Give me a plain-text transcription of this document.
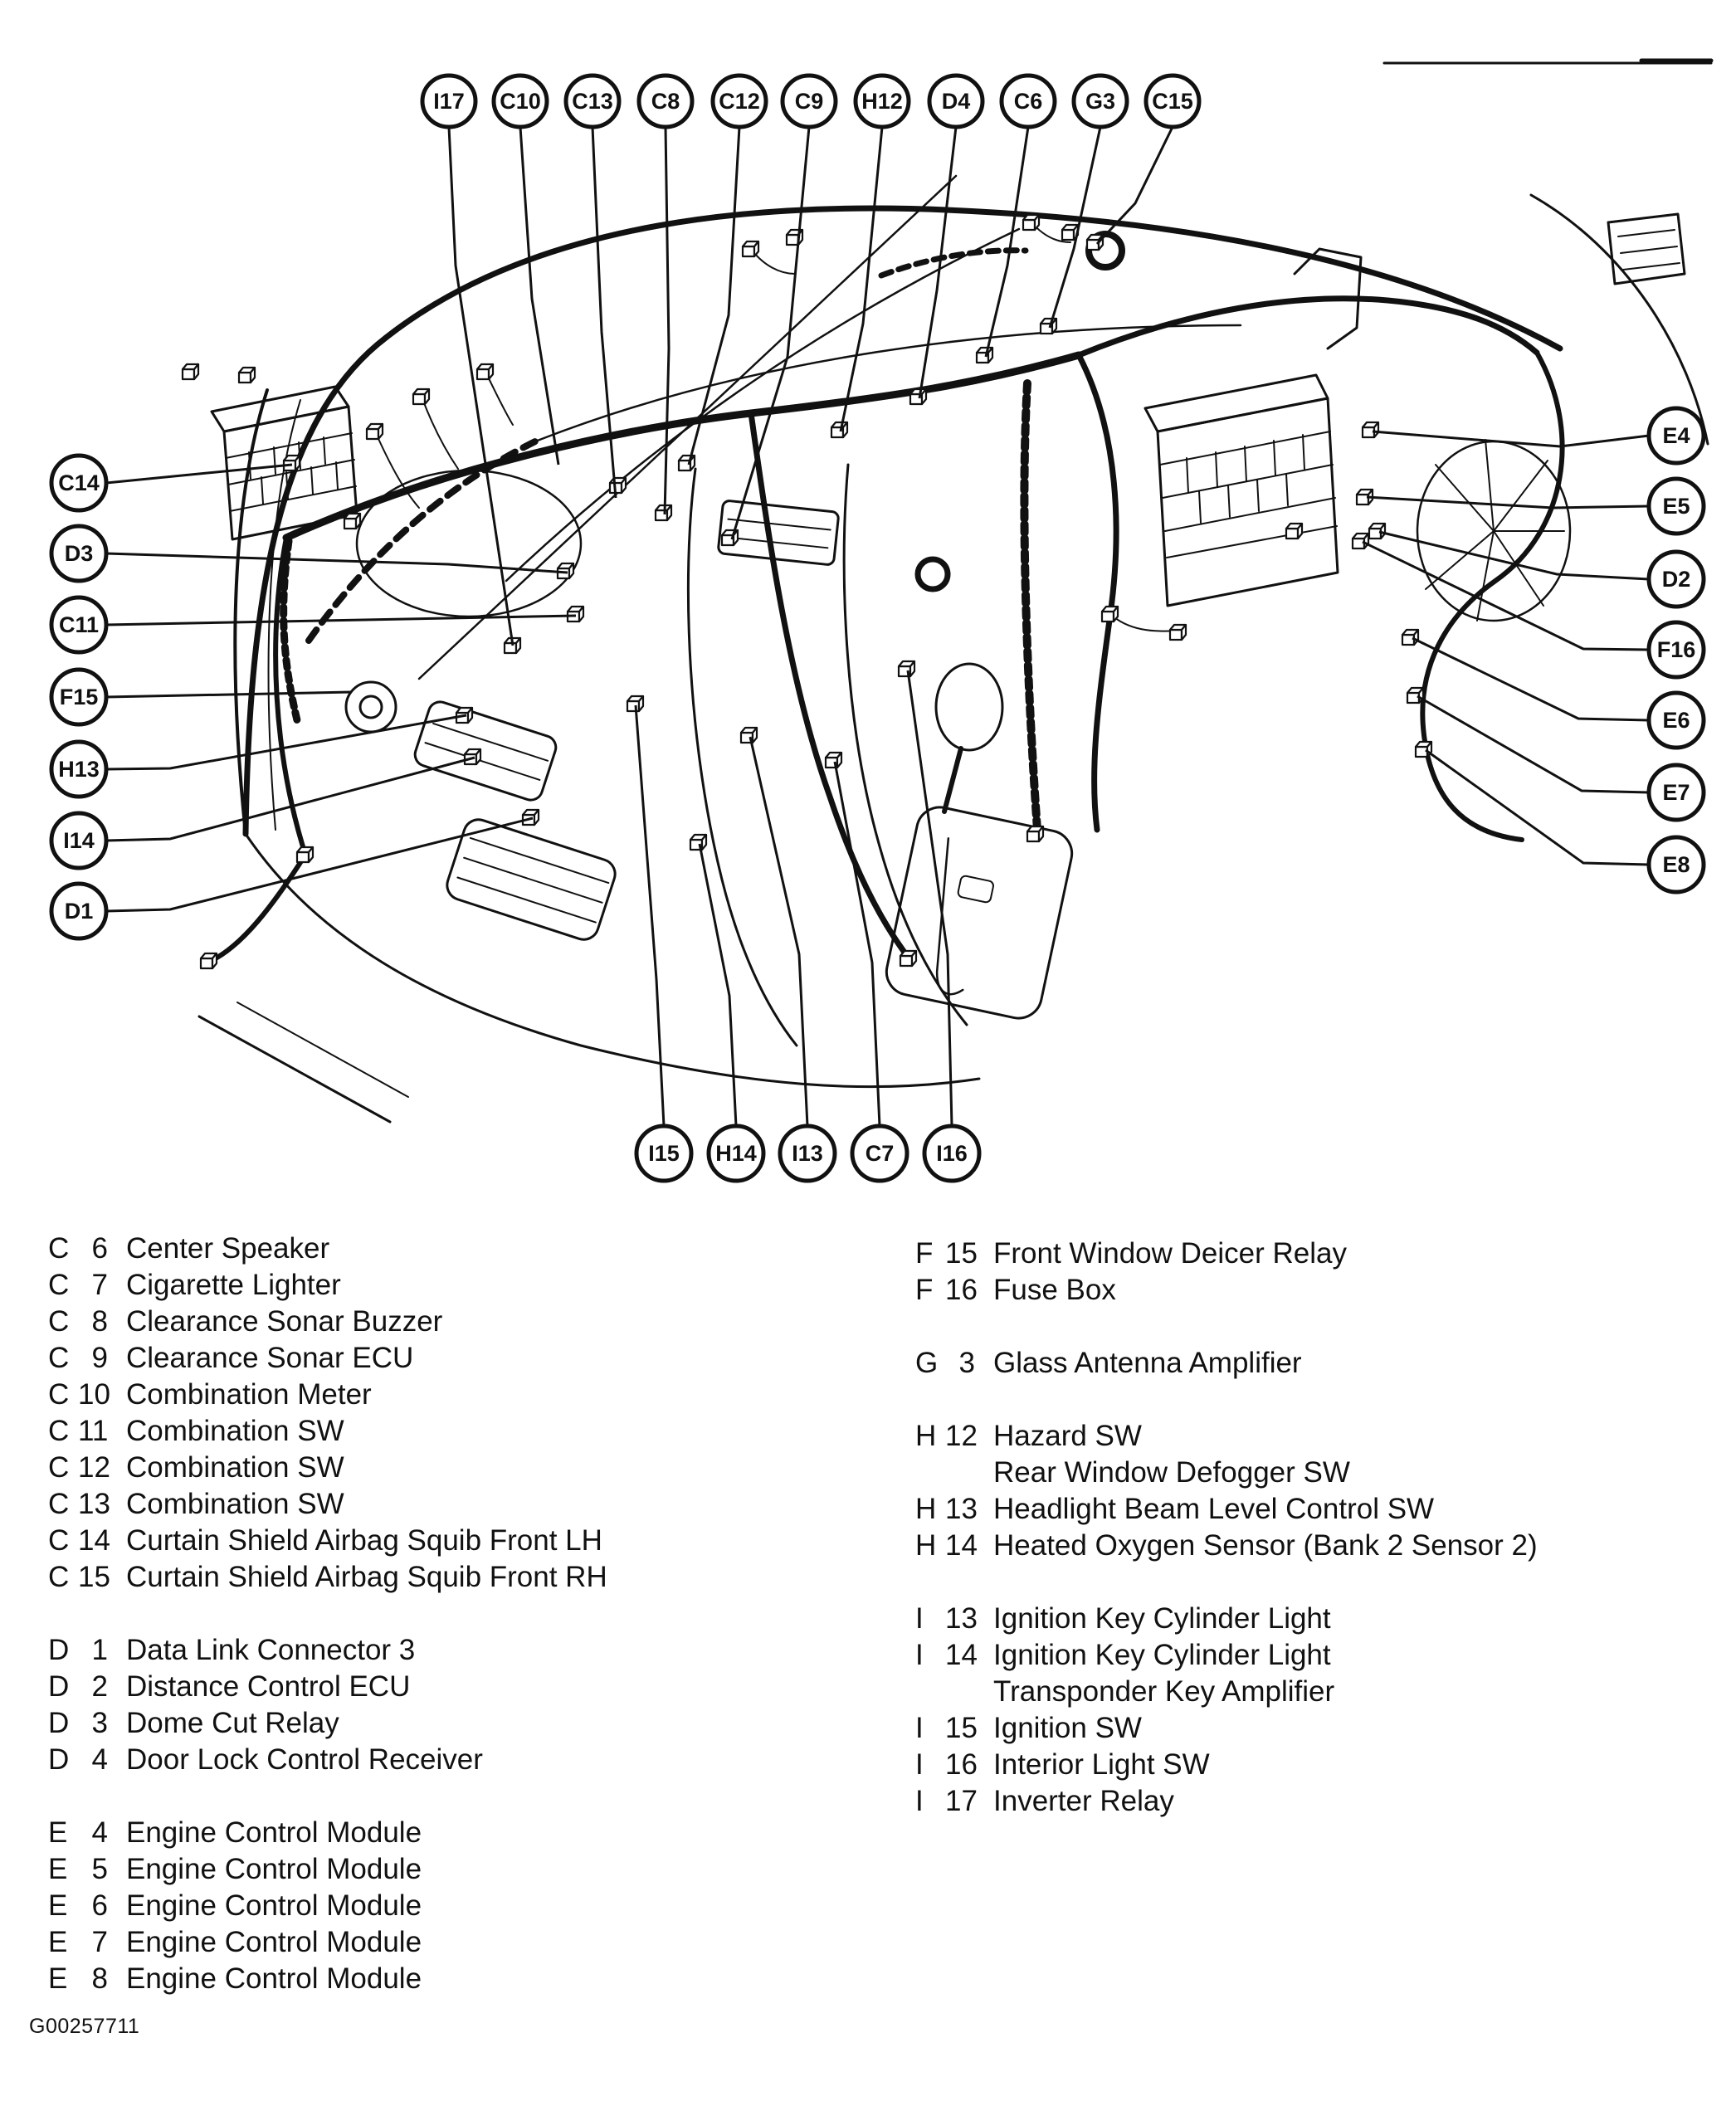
I17 C10 C13 C8 C12 C9 H12 D4 C6 G3 C15
C14
D3
C11
F15
H13
I14
D1
E4
E5
D2
F16
E6
E7
E8
I15 H14 I13 C7 I16
C 6 Center Speaker
C 7 Cigarette Lighter
C 8 Clearance Sonar Buzzer
C 9 Clearance Sonar ECU
C 10 Combination Meter
C 11 Combination SW
C 12 Combination SW
C 13 Combination SW
C 14 Curtain Shield Airbag Squib Front LH
C 15 Curtain Shield Airbag Squib Front RH
D 1 Data Link Connector 3
D 2 Distance Control ECU
D 3 Dome Cut Relay
D 4 Door Lock Control Receiver
E 4 Engine Control Module
E 5 Engine Control Module
E 6 Engine Control Module
E 7 Engine Control Module
E 8 Engine Control Module
F 15 Front Window Deicer Relay
F 16 Fuse Box
G 3 Glass Antenna Amplifier
H 12 Hazard SW
Rear Window Defogger SW
H 13 Headlight Beam Level Control SW
H 14 Heated Oxygen Sensor (Bank 2 Sensor 2)
I 13 Ignition Key Cylinder Light
I 14 Ignition Key Cylinder Light
Transponder Key Amplifier
I 15 Ignition SW
I 16 Interior Light SW
I 17 Inverter Relay
G00257711
